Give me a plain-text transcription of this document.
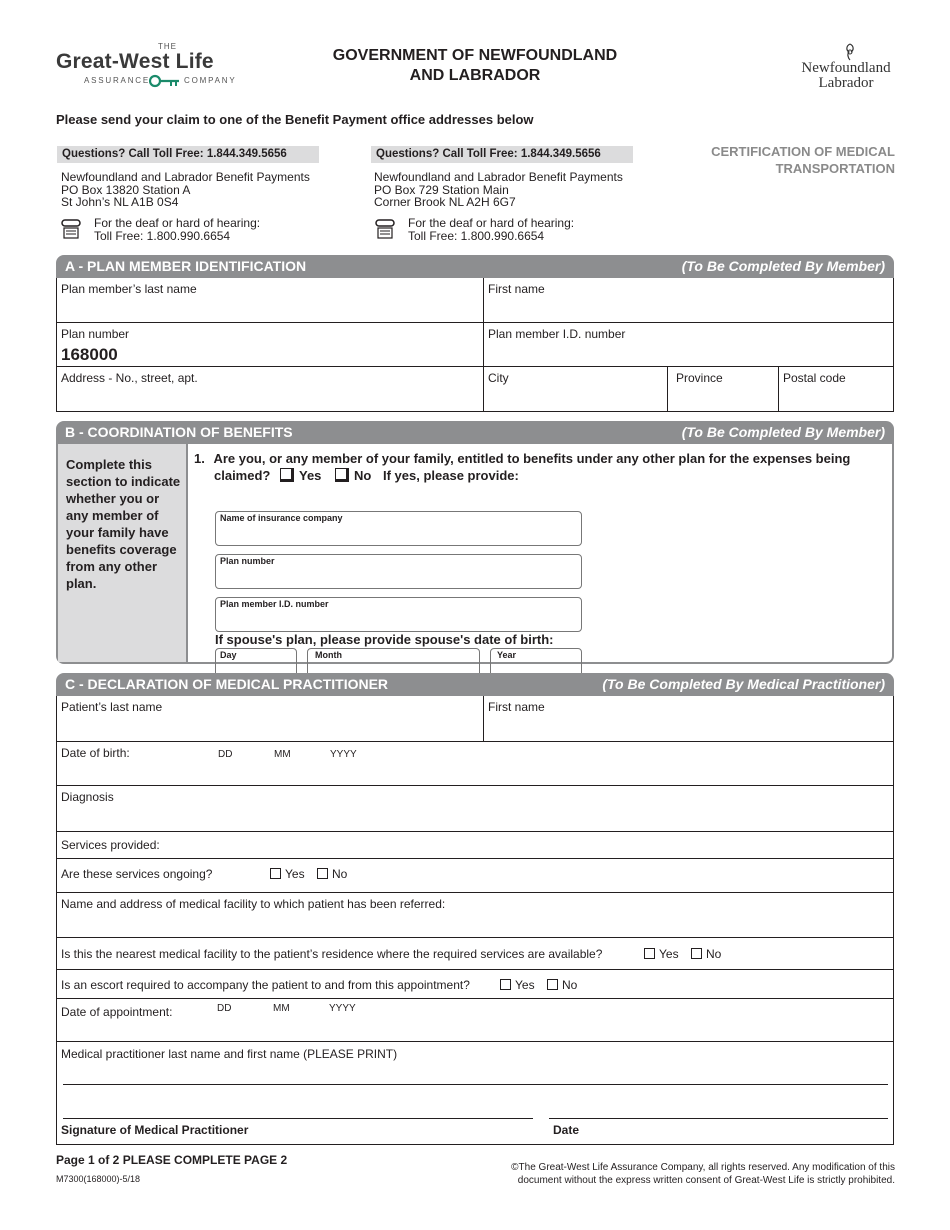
THE
Great-West Life
ASSURANCE	COMPANY
GOVERNMENT OF NEWFOUNDLAND
AND LABRADOR	Newfoundland
Labrador
Please send your claim to one of the Benefit Payment office addresses below
CERTIFICATION OF MEDICAL
TRANSPORTATION
Questions? Call Toll Free: 1.844.349.5656
Newfoundland and Labrador Benefit Payments
PO Box 13820 Station A
St John’s NL A1B 0S4
For the deaf or hard of hearing:
Toll Free: 1.800.990.6654
Questions? Call Toll Free: 1.844.349.5656
Newfoundland and Labrador Benefit Payments
PO Box 729 Station Main
Corner Brook NL A2H 6G7
For the deaf or hard of hearing:
Toll Free: 1.800.990.6654
A - PLAN MEMBER IDENTIFICATION	(To Be Completed By Member)
Plan member’s last name	First name
Plan number
168000
Plan member I.D. number
Address - No., street, apt.	City	Province	Postal code
B - COORDINATION OF BENEFITS	(To Be Completed By Member)
Complete this section to indicate whether you or any member of your family have benefits coverage from any other plan.
1. Are you, or any member of your family, entitled to benefits under any other plan for the expenses being
claimed? Yes	No If yes, please provide:
Name of insurance company
Plan number
Plan member I.D. number
If spouse's plan, please provide spouse's date of birth:
Day	Month	Year
C - DECLARATION OF MEDICAL PRACTITIONER	(To Be Completed By Medical Practitioner)
Patient’s last name	First name
Date of birth:	DD	MM	YYYY
Diagnosis
Services provided:
Are these services ongoing?	Yes	No
Name and address of medical facility to which patient has been referred:
Is this the nearest medical facility to the patient’s residence where the required services are available?	Yes	No
Is an escort required to accompany the patient to and from this appointment?	Yes	No
Date of appointment:	DD	MM	YYYY
Medical practitioner last name and first name (PLEASE PRINT)
Signature of Medical Practitioner	Date
Page 1 of 2 PLEASE COMPLETE PAGE 2
M7300(168000)-5/18
©The Great-West Life Assurance Company, all rights reserved. Any modification of this
document without the express written consent of Great-West Life is strictly prohibited.
